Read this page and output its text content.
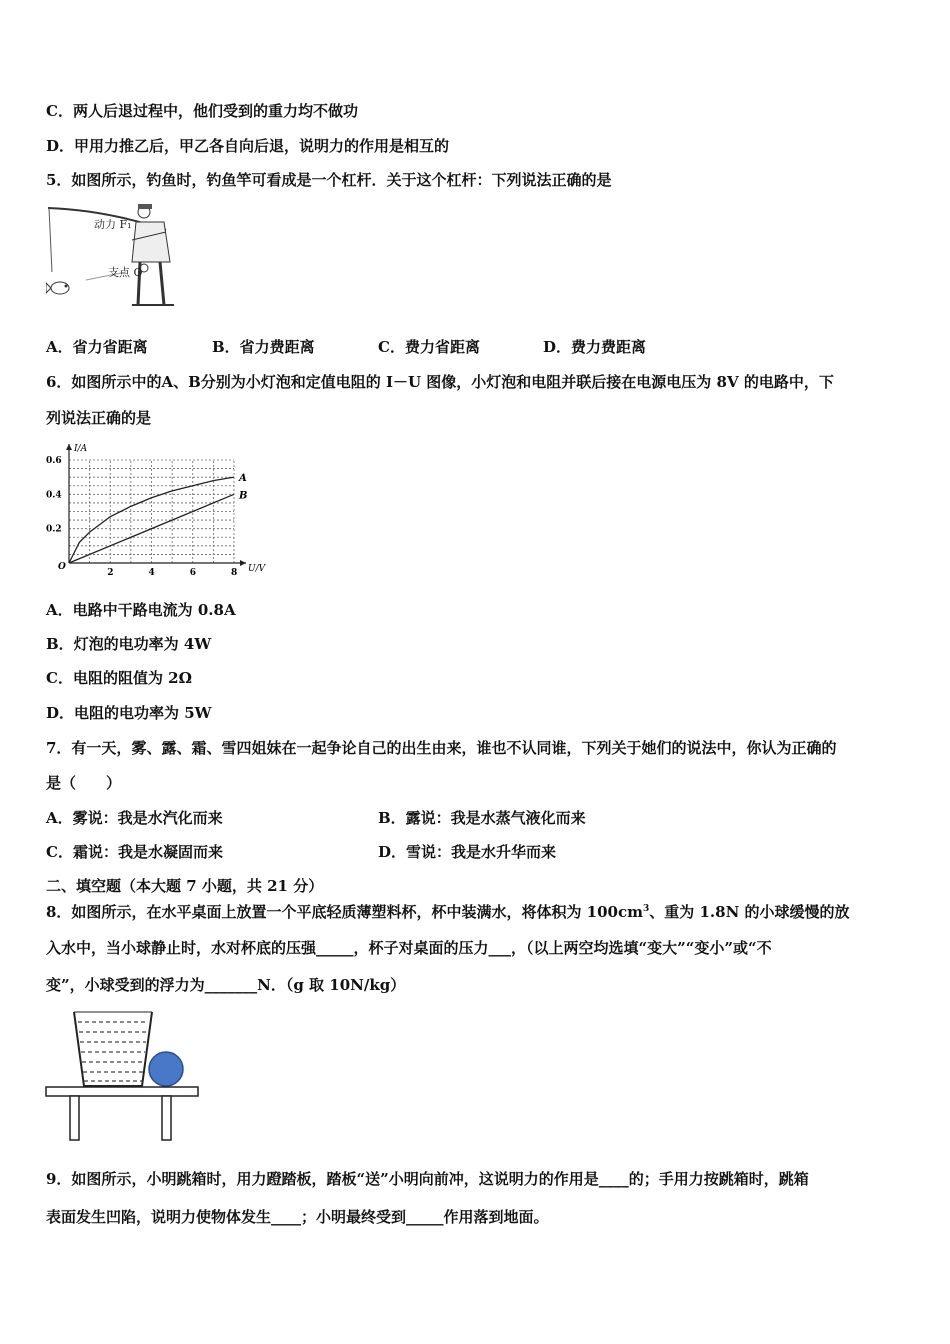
C．两人后退过程中，他们受到的重力均不做功
D．甲用力推乙后，甲乙各自向后退，说明力的作用是相互的
5．如图所示，钓鱼时，钓鱼竿可看成是一个杠杆．关于这个杠杆：下列说法正确的是
动力 F₁
支点 O
A．省力省距离	B．省力费距离	C．费力省距离	D．费力费距离
6．如图所示中的A、B分别为小灯泡和定值电阻的 I－U 图像，小灯泡和电阻并联后接在电源电压为 8V 的电路中，下
列说法正确的是
A
B
2	4	6	8
0.2
0.4
0.6
U/V
I/A
O
A．电路中干路电流为 0.8A
B．灯泡的电功率为 4W
C．电阻的阻值为 2Ω
D．电阻的电功率为 5W
7．有一天，雾、露、霜、雪四姐妹在一起争论自己的出生由来，谁也不认同谁，下列关于她们的说法中，你认为正确的
是（　　）
A．雾说：我是水汽化而来	B．露说：我是水蒸气液化而来
C．霜说：我是水凝固而来	D．雪说：我是水升华而来
二、填空题（本大题 7 小题，共 21 分）
8．如图所示，在水平桌面上放置一个平底轻质薄塑料杯，杯中装满水，将体积为 $100cm^3$、重为 1.8N 的小球缓慢的放
入水中，当小球静止时，水对杯底的压强_____，杯子对桌面的压力___，（以上两空均选填“变大”“变小”或“不
变”，小球受到的浮力为_______N．（g 取 10N/kg）
9．如图所示，小明跳箱时，用力蹬踏板，踏板“送”小明向前冲，这说明力的作用是____的；手用力按跳箱时，跳箱
表面发生凹陷，说明力使物体发生____；小明最终受到_____作用落到地面。
